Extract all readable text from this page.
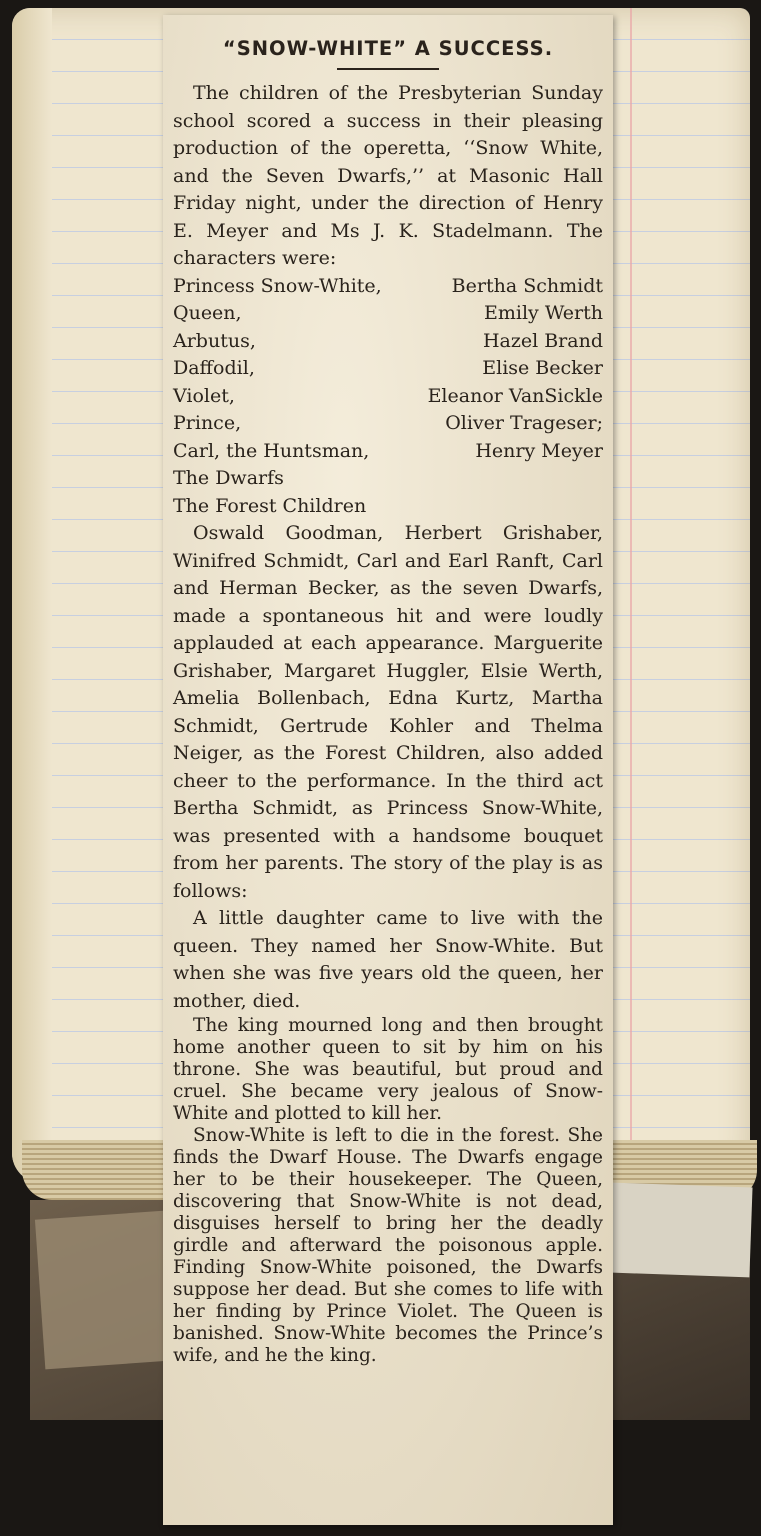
“SNOW-WHITE” A SUCCESS.

The children of the Presbyterian Sunday school scored a success in their pleasing production of the operetta, ‘‘Snow White, and the Seven Dwarfs,’’ at Masonic Hall Friday night, under the direction of Henry E. Meyer and Ms J. K. Stadelmann. The characters were:

Princess Snow-White,	Bertha Schmidt
Queen,	Emily Werth
Arbutus,	Hazel Brand
Daffodil,	Elise Becker
Violet,	Eleanor VanSickle
Prince,	Oliver Trageser;
Carl, the Huntsman,	Henry Meyer
The Dwarfs
The Forest Children

Oswald Goodman, Herbert Grishaber, Winifred Schmidt, Carl and Earl Ranft, Carl and Herman Becker, as the seven Dwarfs, made a spontaneous hit and were loudly applauded at each appearance. Marguerite Grishaber, Margaret Huggler, Elsie Werth, Amelia Bollenbach, Edna Kurtz, Martha Schmidt, Gertrude Kohler and Thelma Neiger, as the Forest Children, also added cheer to the performance. In the third act Bertha Schmidt, as Princess Snow-White, was presented with a handsome bouquet from her parents. The story of the play is as follows:

A little daughter came to live with the queen. They named her Snow-White. But when she was five years old the queen, her mother, died.

The king mourned long and then brought home another queen to sit by him on his throne. She was beautiful, but proud and cruel. She became very jealous of Snow-White and plotted to kill her.

Snow-White is left to die in the forest. She finds the Dwarf House. The Dwarfs engage her to be their housekeeper. The Queen, discovering that Snow-White is not dead, disguises herself to bring her the deadly girdle and afterward the poisonous apple. Finding Snow-White poisoned, the Dwarfs suppose her dead. But she comes to life with her finding by Prince Violet. The Queen is banished. Snow-White becomes the Prince’s wife, and he the king.
